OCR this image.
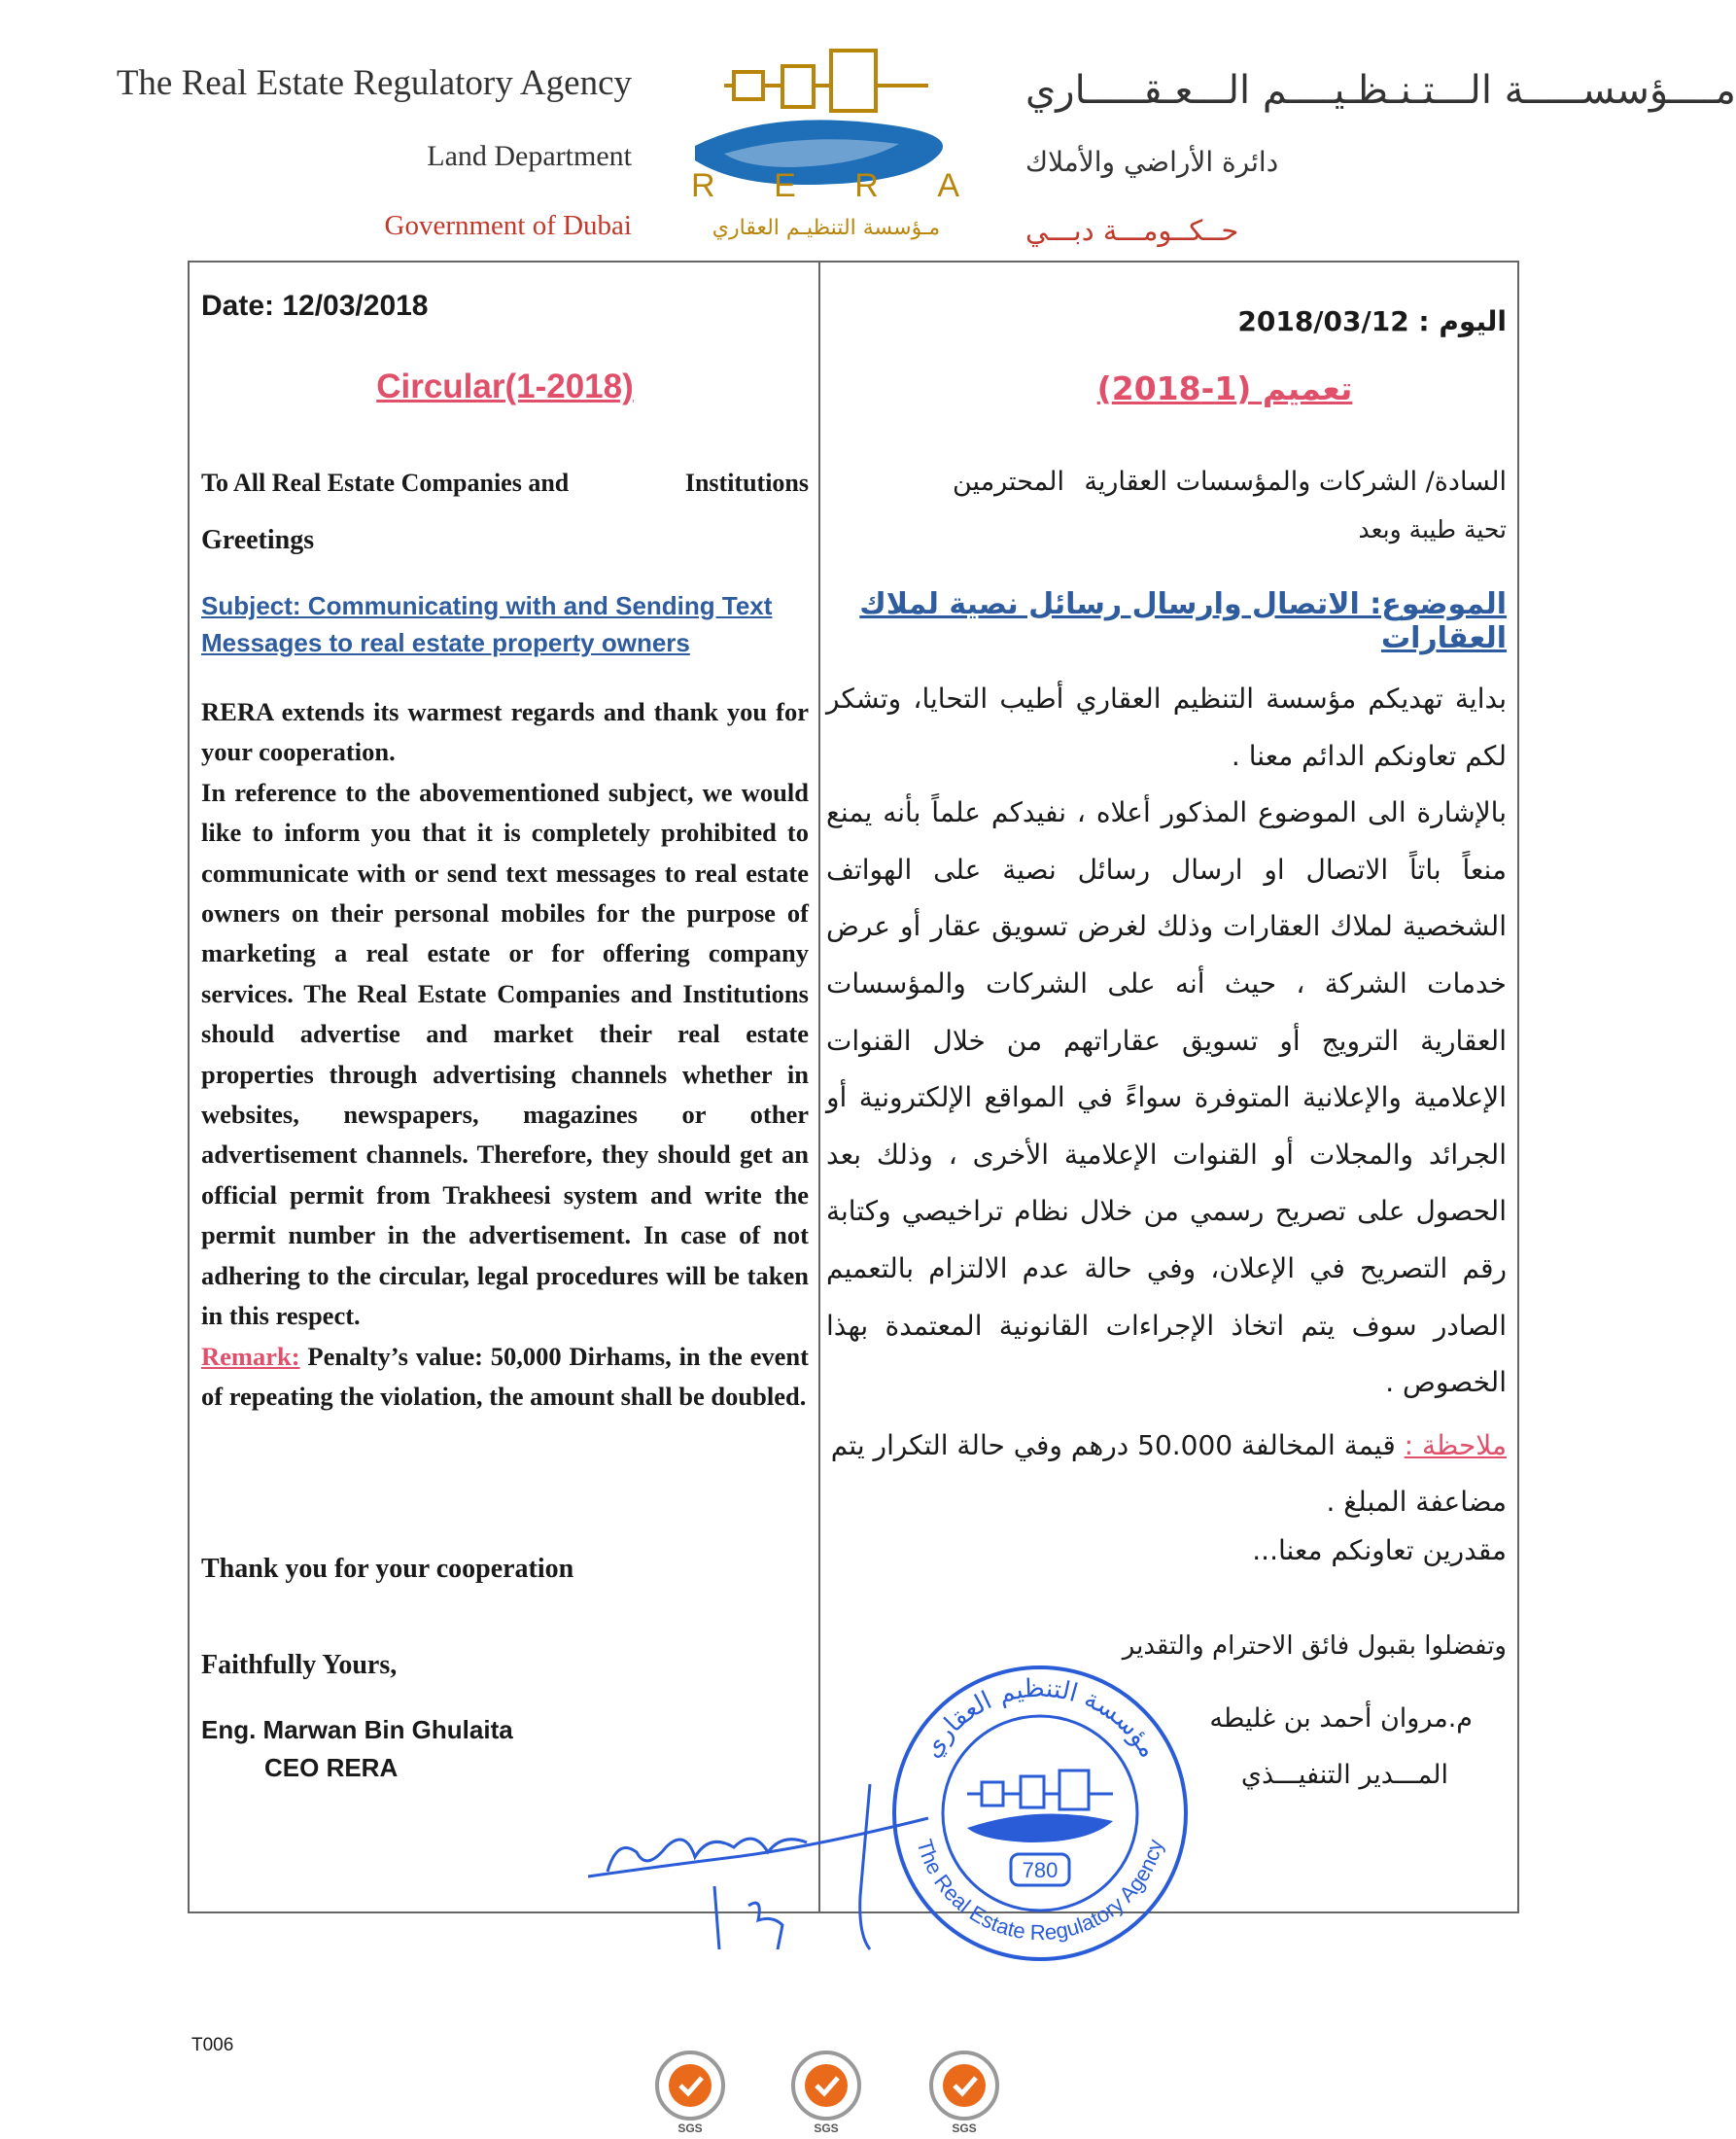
The Real Estate Regulatory Agency
Land Department
Government of Dubai
R E R A
مـؤسسة التنظيـم العقاري
مــــؤسســـــة الـــتـنـظـيــــم الـــعـقـــــاري
دائرة الأراضي والأملاك
حــكــومـــة دبـــي
Date: 12/03/2018
Circular(1-2018)
To All Real Estate Companies and	Institutions
Greetings
Subject: Communicating with and Sending Text
Messages to real estate property owners

RERA extends its warmest regards and thank you for your cooperation.

In reference to the abovementioned subject, we would like to inform you that it is completely prohibited to communicate with or send text messages to real estate owners on their personal mobiles for the purpose of marketing a real estate or for offering company services. The Real Estate Companies and Institutions should advertise and market their real estate properties through advertising channels whether in websites, newspapers, magazines or other advertisement channels. Therefore, they should get an official permit from Trakheesi system and write the permit number in the advertisement. In case of not adhering to the circular, legal procedures will be taken in this respect.

Remark: Penalty’s value: 50,000 Dirhams, in the event of repeating the violation, the amount shall be doubled.

Thank you for your cooperation
Faithfully Yours,
Eng. Marwan Bin Ghulaita
CEO RERA
اليوم : 2018/03/12
تعميم (1-2018)
السادة/ الشركات والمؤسسات العقارية
المحترمين
تحية طيبة وبعد
الموضوع: الاتصال وارسال رسائل نصية لملاك العقارات

بداية تهديكم مؤسسة التنظيم العقاري أطيب التحايا، وتشكر لكم تعاونكم الدائم معنا .

بالإشارة الى الموضوع المذكور أعلاه ، نفيدكم علماً بأنه يمنع منعاً باتاً الاتصال او ارسال رسائل نصية على الهواتف الشخصية لملاك العقارات وذلك لغرض تسويق عقار أو عرض خدمات الشركة ، حيث أنه على الشركات والمؤسسات العقارية الترويج أو تسويق عقاراتهم من خلال القنوات الإعلامية والإعلانية المتوفرة سواءً في المواقع الإلكترونية أو الجرائد والمجلات أو القنوات الإعلامية الأخرى ، وذلك بعد الحصول على تصريح رسمي من خلال نظام تراخيصي وكتابة رقم التصريح في الإعلان، وفي حالة عدم الالتزام بالتعميم الصادر سوف يتم اتخاذ الإجراءات القانونية المعتمدة بهذا الخصوص .

ملاحظة : قيمة المخالفة 50.000 درهم وفي حالة التكرار يتم مضاعفة المبلغ .
مقدرين تعاونكم معنا...
وتفضلوا بقبول فائق الاحترام والتقدير
م.مروان أحمد بن غليطه
المـــدير التنفيـــذي
مؤسسة التنظيم العقاري
The Real Estate Regulatory Agency
780
T006
SGS	SGS	SGS
